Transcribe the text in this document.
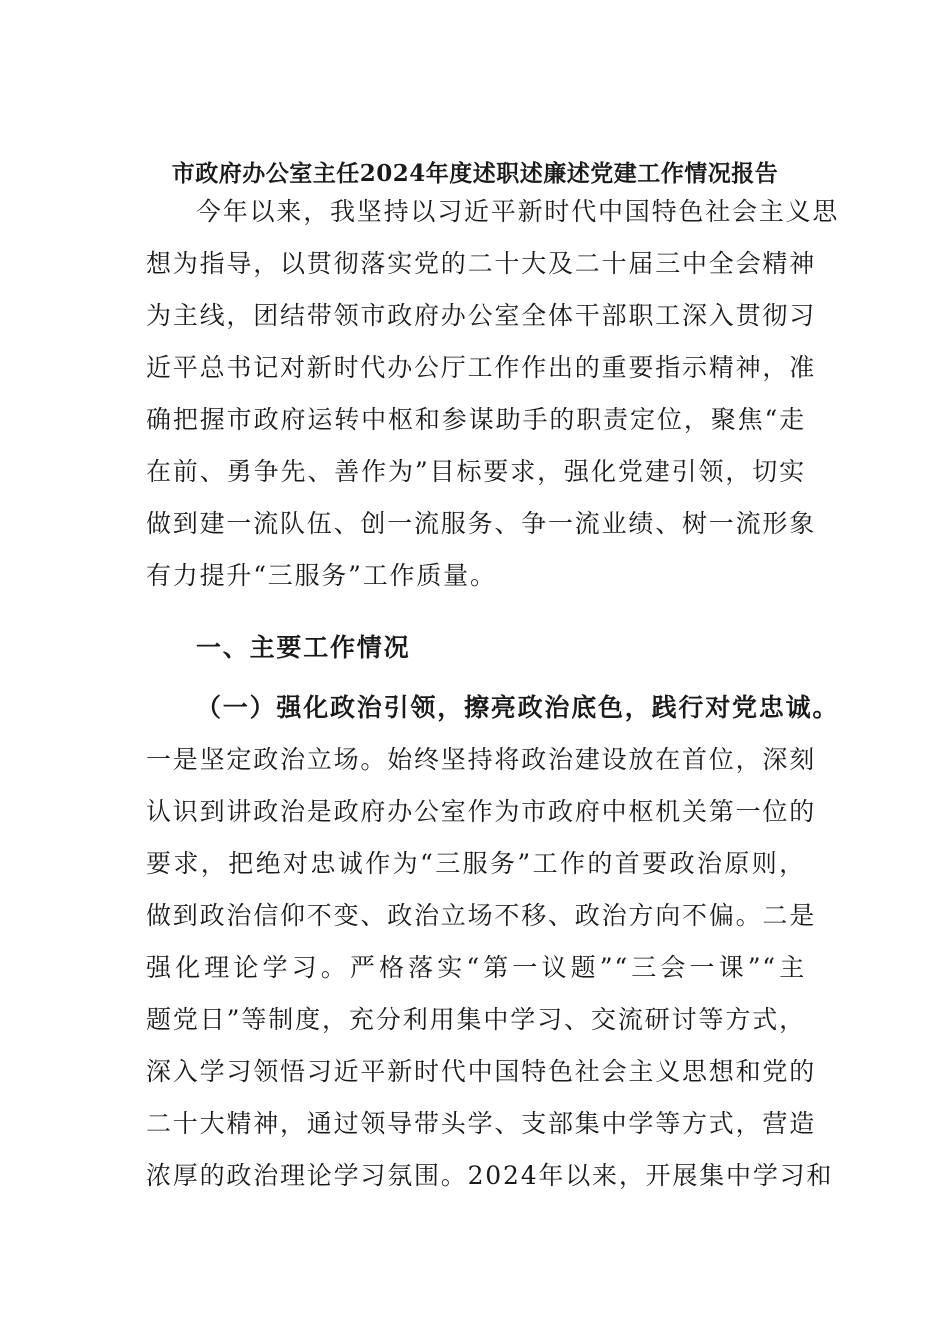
市政府办公室主任2024年度述职述廉述党建工作情况报告
今年以来，我坚持以习近平新时代中国特色社会主义思
想为指导，以贯彻落实党的二十大及二十届三中全会精神
为主线，团结带领市政府办公室全体干部职工深入贯彻习
近平总书记对新时代办公厅工作作出的重要指示精神，准
确把握市政府运转中枢和参谋助手的职责定位，聚焦“走
在前、勇争先、善作为”目标要求，强化党建引领，切实
做到建一流队伍、创一流服务、争一流业绩、树一流形象
有力提升“三服务”工作质量。
一、主要工作情况
（一）强化政治引领，擦亮政治底色，践行对党忠诚。
一是坚定政治立场。始终坚持将政治建设放在首位，深刻
认识到讲政治是政府办公室作为市政府中枢机关第一位的
要求，把绝对忠诚作为“三服务”工作的首要政治原则，
做到政治信仰不变、政治立场不移、政治方向不偏。二是
强化理论学习。严格落实“第一议题”“三会一课”“主
题党日”等制度，充分利用集中学习、交流研讨等方式，
深入学习领悟习近平新时代中国特色社会主义思想和党的
二十大精神，通过领导带头学、支部集中学等方式，营造
浓厚的政治理论学习氛围。2024年以来，开展集中学习和
